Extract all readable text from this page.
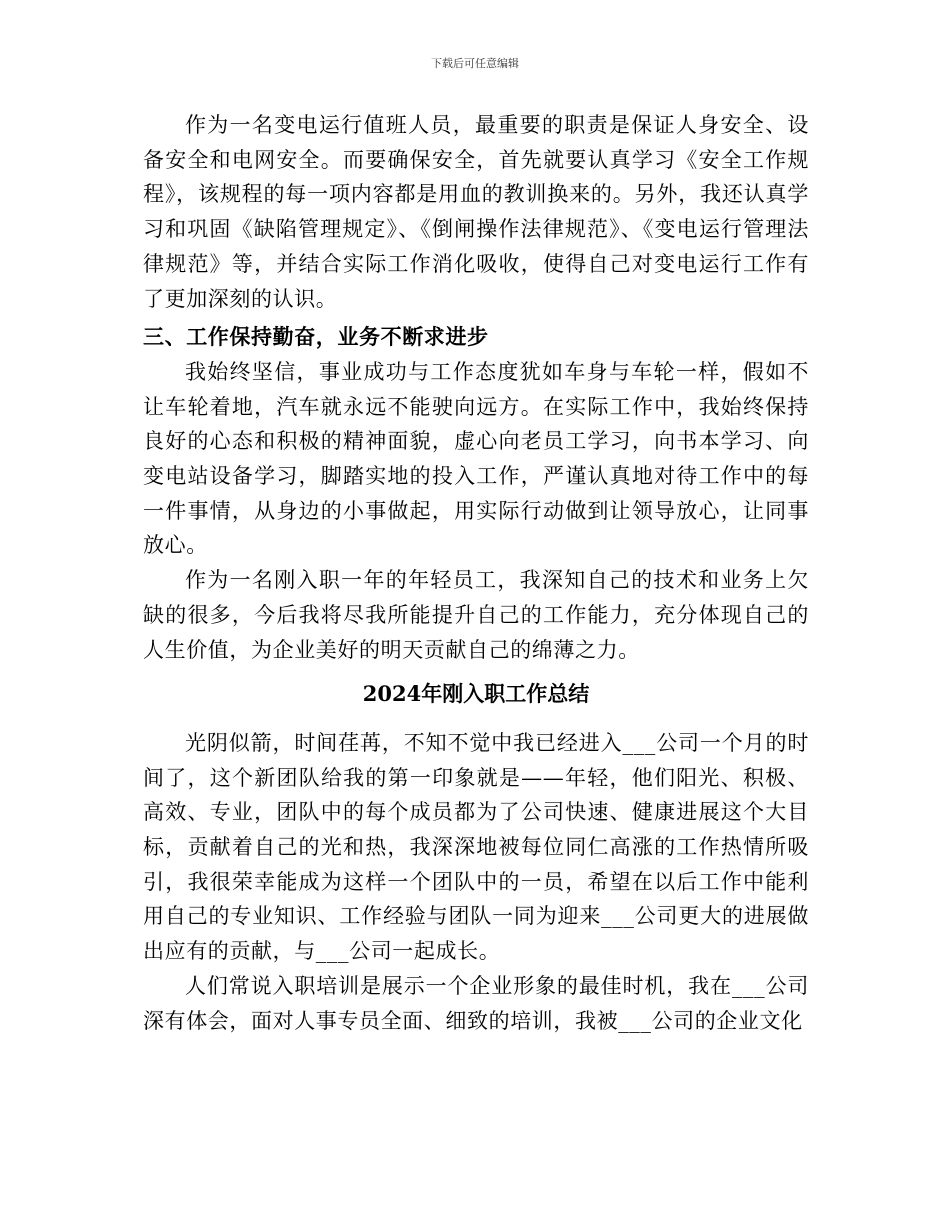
下载后可任意编辑

作为一名变电运行值班人员，最重要的职责是保证人身安全、设备安全和电网安全。而要确保安全，首先就要认真学习《安全工作规程》，该规程的每一项内容都是用血的教训换来的。另外，我还认真学习和巩固《缺陷管理规定》、《倒闸操作法律规范》、《变电运行管理法律规范》等，并结合实际工作消化吸收，使得自己对变电运行工作有了更加深刻的认识。

三、工作保持勤奋，业务不断求进步

我始终坚信，事业成功与工作态度犹如车身与车轮一样，假如不让车轮着地，汽车就永远不能驶向远方。在实际工作中，我始终保持良好的心态和积极的精神面貌，虚心向老员工学习，向书本学习、向变电站设备学习，脚踏实地的投入工作，严谨认真地对待工作中的每一件事情，从身边的小事做起，用实际行动做到让领导放心，让同事放心。

作为一名刚入职一年的年轻员工，我深知自己的技术和业务上欠缺的很多，今后我将尽我所能提升自己的工作能力，充分体现自己的人生价值，为企业美好的明天贡献自己的绵薄之力。

2024年刚入职工作总结

光阴似箭，时间荏苒，不知不觉中我已经进入___公司一个月的时间了，这个新团队给我的第一印象就是——年轻，他们阳光、积极、高效、专业，团队中的每个成员都为了公司快速、健康进展这个大目标，贡献着自己的光和热，我深深地被每位同仁高涨的工作热情所吸引，我很荣幸能成为这样一个团队中的一员，希望在以后工作中能利用自己的专业知识、工作经验与团队一同为迎来___公司更大的进展做出应有的贡献，与___公司一起成长。

人们常说入职培训是展示一个企业形象的最佳时机，我在___公司深有体会，面对人事专员全面、细致的培训，我被___公司的企业文化
